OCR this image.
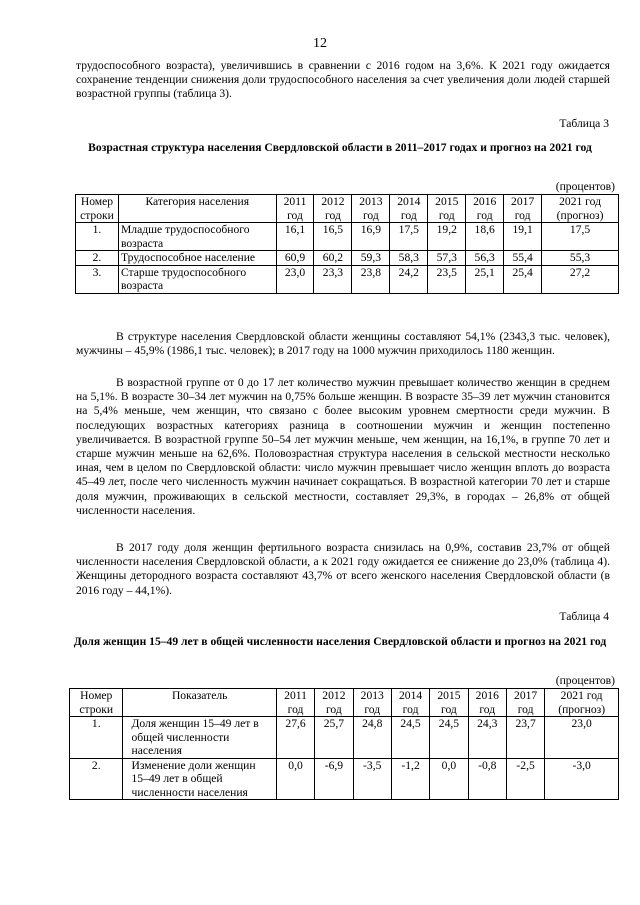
12

трудоспособного возраста), увеличившись в сравнении с 2016 годом на 3,6%. К 2021 году ожидается сохранение тенденции снижения доли трудоспособного населения за счет увеличения доли людей старшей возрастной группы (таблица 3).

Таблица 3
Возрастная структура населения Свердловской области в 2011–2017 годах и прогноз на 2021 год
(процентов)
Номер строки	Категория населения	2011 год	2012 год	2013 год	2014 год	2015 год	2016 год	2017 год	2021 год (прогноз)
1.	Младше трудоспособного возраста	16,1	16,5	16,9	17,5	19,2	18,6	19,1	17,5
2.	Трудоспособное население	60,9	60,2	59,3	58,3	57,3	56,3	55,4	55,3
3.	Старше трудоспособного возраста	23,0	23,3	23,8	24,2	23,5	25,1	25,4	27,2

В структуре населения Свердловской области женщины составляют 54,1% (2343,3 тыс. человек), мужчины – 45,9% (1986,1 тыс. человек); в 2017 году на 1000 мужчин приходилось 1180 женщин.

В возрастной группе от 0 до 17 лет количество мужчин превышает количество женщин в среднем на 5,1%. В возрасте 30–34 лет мужчин на 0,75% больше женщин. В возрасте 35–39 лет мужчин становится на 5,4% меньше, чем женщин, что связано с более высоким уровнем смертности среди мужчин. В последующих возрастных категориях разница в соотношении мужчин и женщин постепенно увеличивается. В возрастной группе 50–54 лет мужчин меньше, чем женщин, на 16,1%, в группе 70 лет и старше мужчин меньше на 62,6%. Половозрастная структура населения в сельской местности несколько иная, чем в целом по Свердловской области: число мужчин превышает число женщин вплоть до возраста 45–49 лет, после чего численность мужчин начинает сокращаться. В возрастной категории 70 лет и старше доля мужчин, проживающих в сельской местности, составляет 29,3%, в городах – 26,8% от общей численности населения.

В 2017 году доля женщин фертильного возраста снизилась на 0,9%, составив 23,7% от общей численности населения Свердловской области, а к 2021 году ожидается ее снижение до 23,0% (таблица 4). Женщины детородного возраста составляют 43,7% от всего женского населения Свердловской области (в 2016 году – 44,1%).

Таблица 4
Доля женщин 15–49 лет в общей численности населения Свердловской области и прогноз на 2021 год
(процентов)
Номер строки	Показатель	2011 год	2012 год	2013 год	2014 год	2015 год	2016 год	2017 год	2021 год (прогноз)
1.	Доля женщин 15–49 лет в общей численности населения	27,6	25,7	24,8	24,5	24,5	24,3	23,7	23,0
2.	Изменение доли женщин 15–49 лет в общей численности населения	0,0	-6,9	-3,5	-1,2	0,0	-0,8	-2,5	-3,0
